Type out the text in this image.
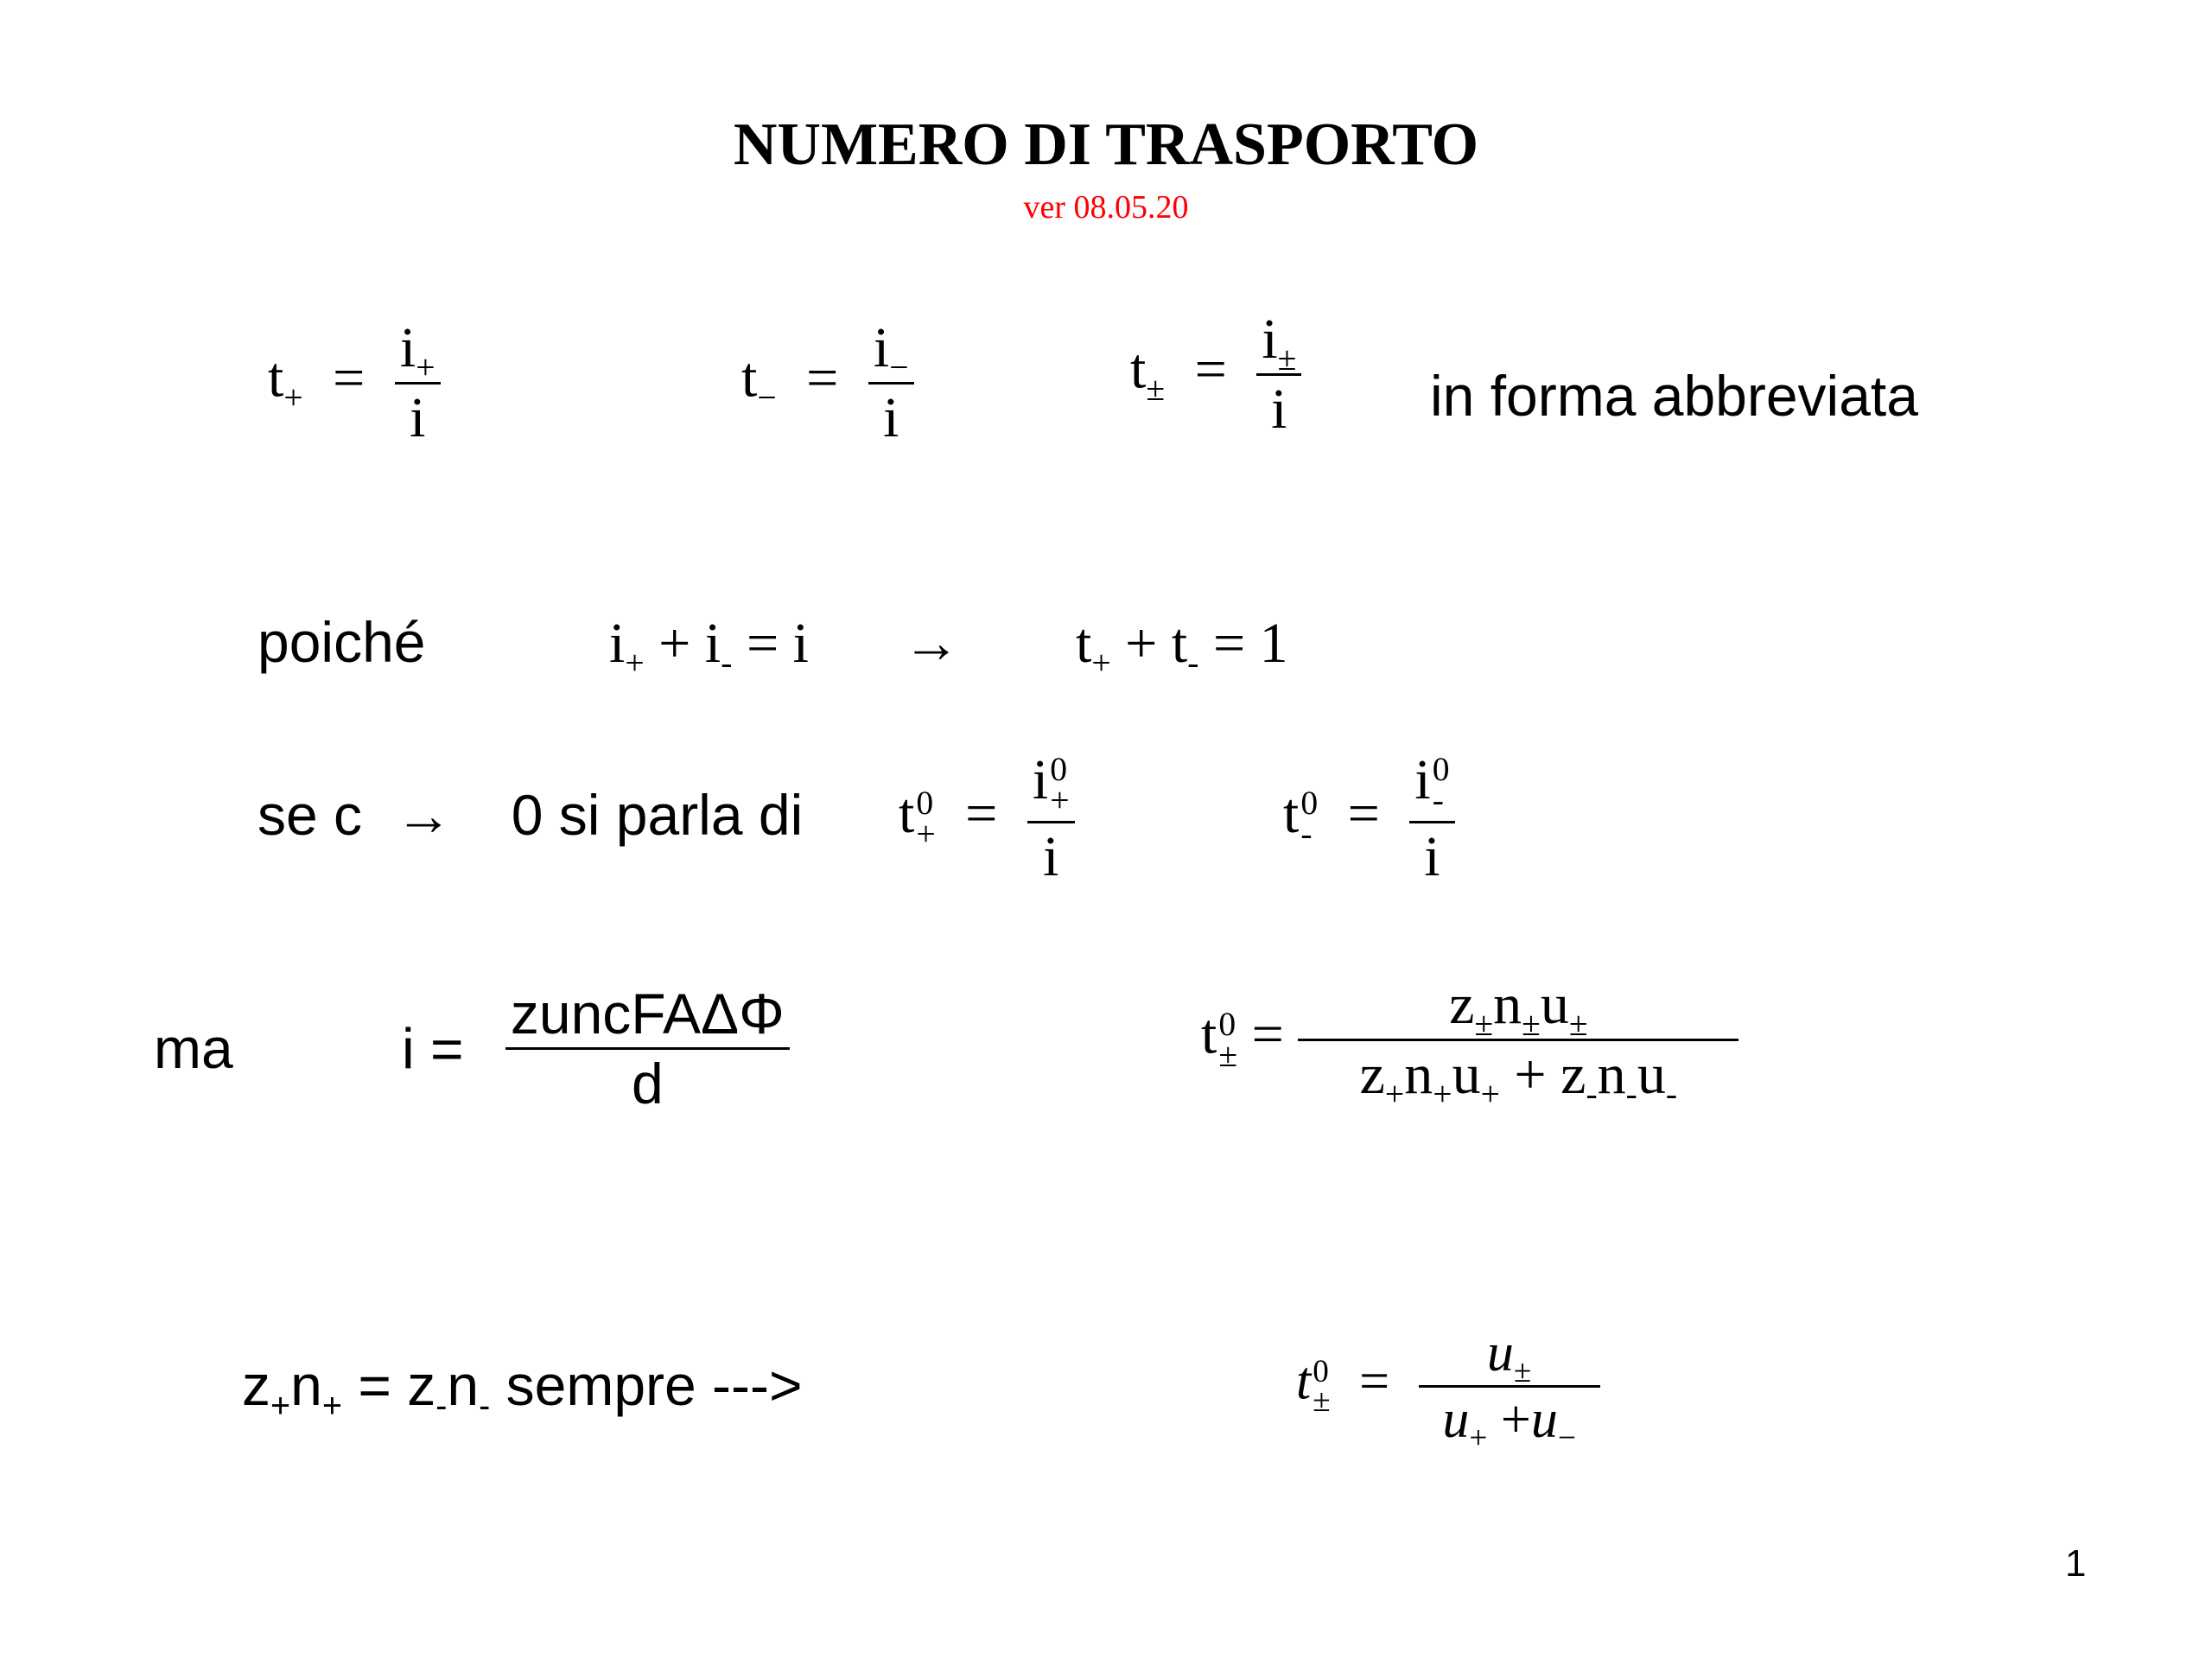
NUMERO DI TRASPORTO
ver 08.05.20
$t_+ = \frac{i_+}{i}$	$t_- = \frac{i_-}{i}$	$t_\pm = \frac{i_\pm}{i}$ in forma abbreviata
poiché	$i_+ + i_- = i \to t_+ + t_- = 1$
se c → 0 si parla di t 0
+ = i 0
+
i	t 0
- = i 0
-
i
ma	$i = \frac{\text{zuncFAΔΦ}}{d}$	t 0
± = $\frac{z_\pm n_\pm u_\pm}{z_+n_+u_+ + z_-n_-u_-}$
$z_+n_+ = z_-n_-$ sempre --->	t 0
± = $\frac{u_\pm}{u_+ +u_-}$
1
